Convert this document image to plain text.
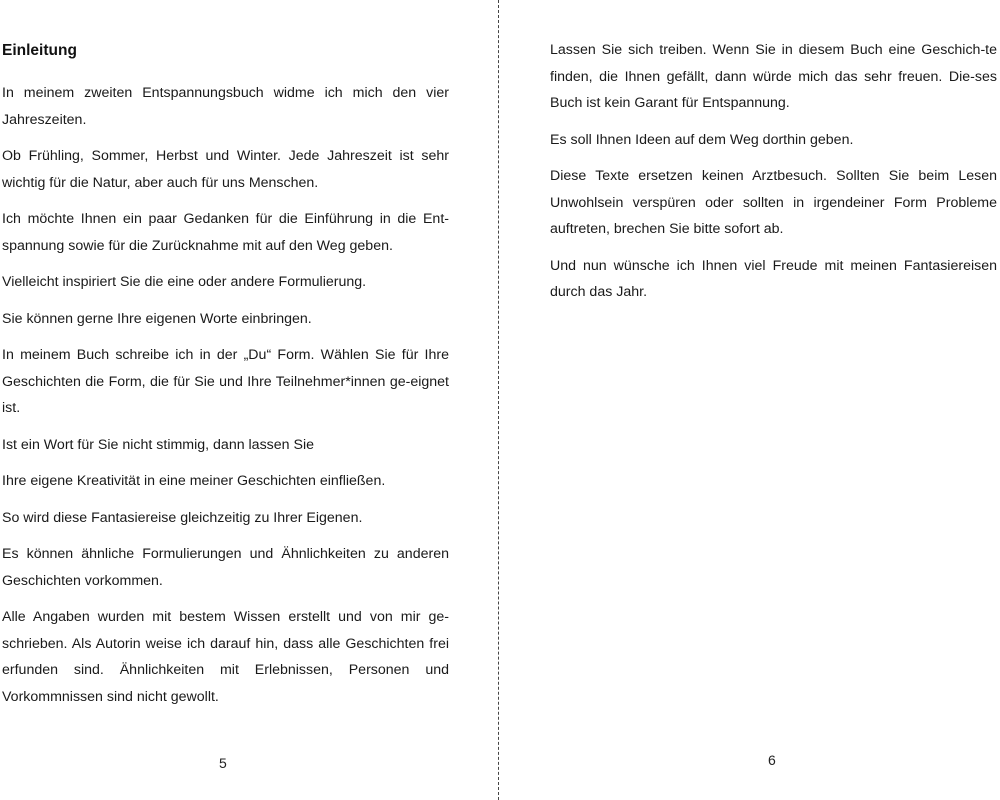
Einleitung

In meinem zweiten Entspannungsbuch widme ich mich den vier Jahreszeiten.

Ob Frühling, Sommer, Herbst und Winter. Jede Jahreszeit ist sehr wichtig für die Natur, aber auch für uns Menschen.

Ich möchte Ihnen ein paar Gedanken für die Einführung in die Ent-spannung sowie für die Zurücknahme mit auf den Weg geben.

Vielleicht inspiriert Sie die eine oder andere Formulierung.

Sie können gerne Ihre eigenen Worte einbringen.

In meinem Buch schreibe ich in der „Du“ Form. Wählen Sie für Ihre Geschichten die Form, die für Sie und Ihre Teilnehmer*innen ge-eignet ist.

Ist ein Wort für Sie nicht stimmig, dann lassen Sie

Ihre eigene Kreativität in eine meiner Geschichten einfließen.

So wird diese Fantasiereise gleichzeitig zu Ihrer Eigenen.

Es können ähnliche Formulierungen und Ähnlichkeiten zu anderen Geschichten vorkommen.

Alle Angaben wurden mit bestem Wissen erstellt und von mir ge-schrieben. Als Autorin weise ich darauf hin, dass alle Geschichten frei erfunden sind. Ähnlichkeiten mit Erlebnissen, Personen und Vorkommnissen sind nicht gewollt.

5

Lassen Sie sich treiben. Wenn Sie in diesem Buch eine Geschich-te finden, die Ihnen gefällt, dann würde mich das sehr freuen. Die-ses Buch ist kein Garant für Entspannung.

Es soll Ihnen Ideen auf dem Weg dorthin geben.

Diese Texte ersetzen keinen Arztbesuch. Sollten Sie beim Lesen Unwohlsein verspüren oder sollten in irgendeiner Form Probleme auftreten, brechen Sie bitte sofort ab.

Und nun wünsche ich Ihnen viel Freude mit meinen Fantasiereisen durch das Jahr.

6
